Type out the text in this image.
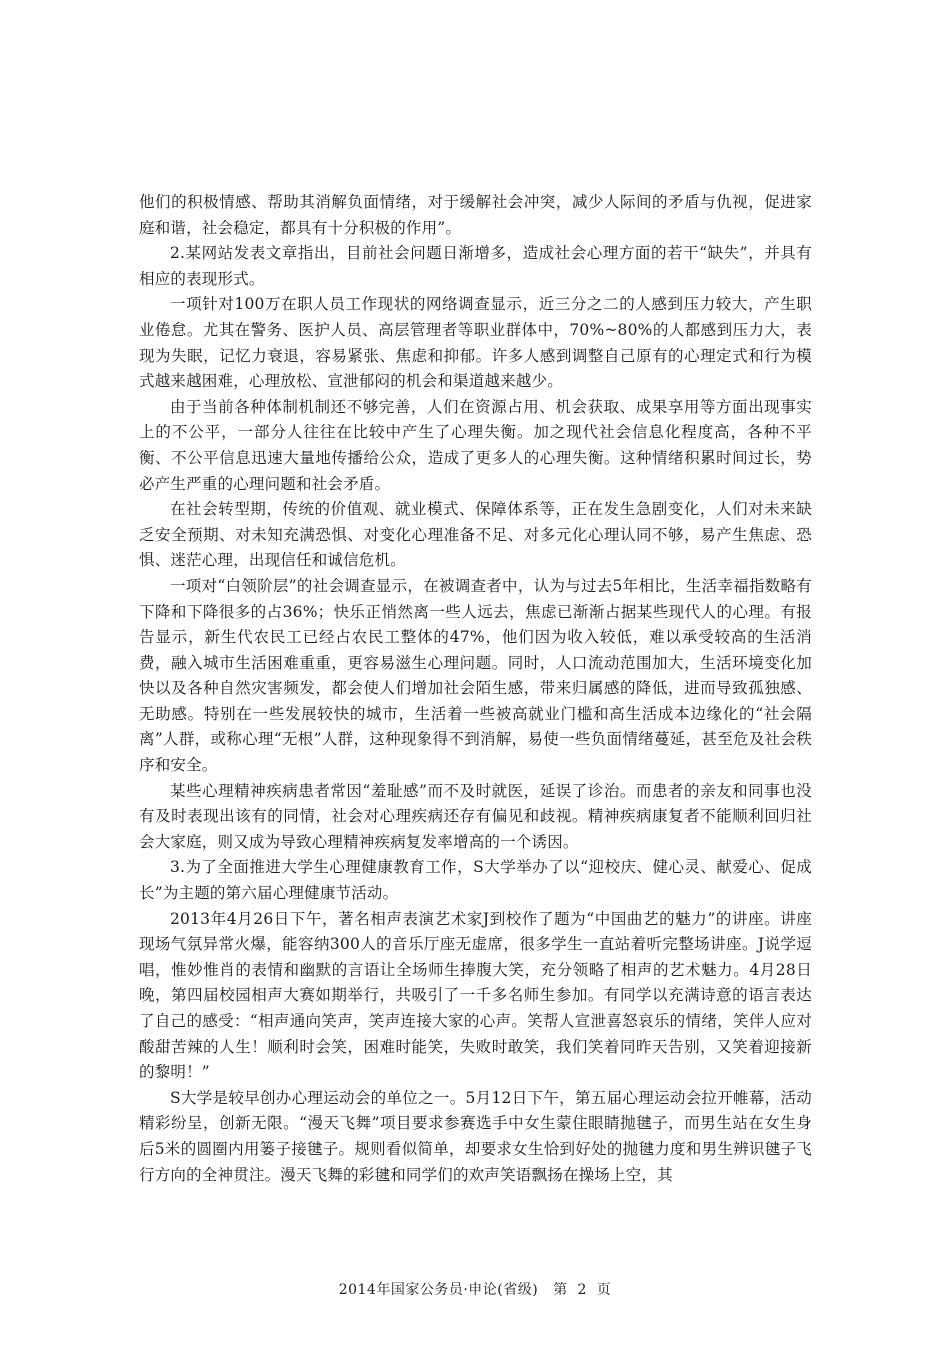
他们的积极情感、帮助其消解负面情绪，对于缓解社会冲突，减少人际间的矛盾与仇视，促进家庭和谐，社会稳定，都具有十分积极的作用”。

2.某网站发表文章指出，目前社会问题日渐增多，造成社会心理方面的若干“缺失”，并具有相应的表现形式。

一项针对100万在职人员工作现状的网络调查显示，近三分之二的人感到压力较大，产生职业倦怠。尤其在警务、医护人员、高层管理者等职业群体中，70%~80%的人都感到压力大，表现为失眠，记忆力衰退，容易紧张、焦虑和抑郁。许多人感到调整自己原有的心理定式和行为模式越来越困难，心理放松、宣泄郁闷的机会和渠道越来越少。

由于当前各种体制机制还不够完善，人们在资源占用、机会获取、成果享用等方面出现事实上的不公平，一部分人往往在比较中产生了心理失衡。加之现代社会信息化程度高，各种不平衡、不公平信息迅速大量地传播给公众，造成了更多人的心理失衡。这种情绪积累时间过长，势必产生严重的心理问题和社会矛盾。

在社会转型期，传统的价值观、就业模式、保障体系等，正在发生急剧变化，人们对未来缺乏安全预期、对未知充满恐惧、对变化心理准备不足、对多元化心理认同不够，易产生焦虑、恐惧、迷茫心理，出现信任和诚信危机。

一项对“白领阶层”的社会调查显示，在被调查者中，认为与过去5年相比，生活幸福指数略有下降和下降很多的占36%；快乐正悄然离一些人远去，焦虑已渐渐占据某些现代人的心理。有报告显示，新生代农民工已经占农民工整体的47%，他们因为收入较低，难以承受较高的生活消费，融入城市生活困难重重，更容易滋生心理问题。同时，人口流动范围加大，生活环境变化加快以及各种自然灾害频发，都会使人们增加社会陌生感，带来归属感的降低，进而导致孤独感、无助感。特别在一些发展较快的城市，生活着一些被高就业门槛和高生活成本边缘化的“社会隔离”人群，或称心理“无根”人群，这种现象得不到消解，易使一些负面情绪蔓延，甚至危及社会秩序和安全。

某些心理精神疾病患者常因“羞耻感”而不及时就医，延误了诊治。而患者的亲友和同事也没有及时表现出该有的同情，社会对心理疾病还存有偏见和歧视。精神疾病康复者不能顺利回归社会大家庭，则又成为导致心理精神疾病复发率增高的一个诱因。

3.为了全面推进大学生心理健康教育工作，S大学举办了以“迎校庆、健心灵、献爱心、促成长”为主题的第六届心理健康节活动。

2013年4月26日下午，著名相声表演艺术家J到校作了题为“中国曲艺的魅力”的讲座。讲座现场气氛异常火爆，能容纳300人的音乐厅座无虚席，很多学生一直站着听完整场讲座。J说学逗唱，惟妙惟肖的表情和幽默的言语让全场师生捧腹大笑，充分领略了相声的艺术魅力。4月28日晚，第四届校园相声大赛如期举行，共吸引了一千多名师生参加。有同学以充满诗意的语言表达了自己的感受：“相声通向笑声，笑声连接大家的心声。笑帮人宣泄喜怒哀乐的情绪，笑伴人应对酸甜苦辣的人生！顺利时会笑，困难时能笑，失败时敢笑，我们笑着同昨天告别，又笑着迎接新的黎明！”

S大学是较早创办心理运动会的单位之一。5月12日下午，第五届心理运动会拉开帷幕，活动精彩纷呈，创新无限。“漫天飞舞”项目要求参赛选手中女生蒙住眼睛抛毽子，而男生站在女生身后5米的圆圈内用篓子接毽子。规则看似简单，却要求女生恰到好处的抛毽力度和男生辨识毽子飞行方向的全神贯注。漫天飞舞的彩毽和同学们的欢声笑语飘扬在操场上空，其

2014年国家公务员·申论(省级) 第 2 页
